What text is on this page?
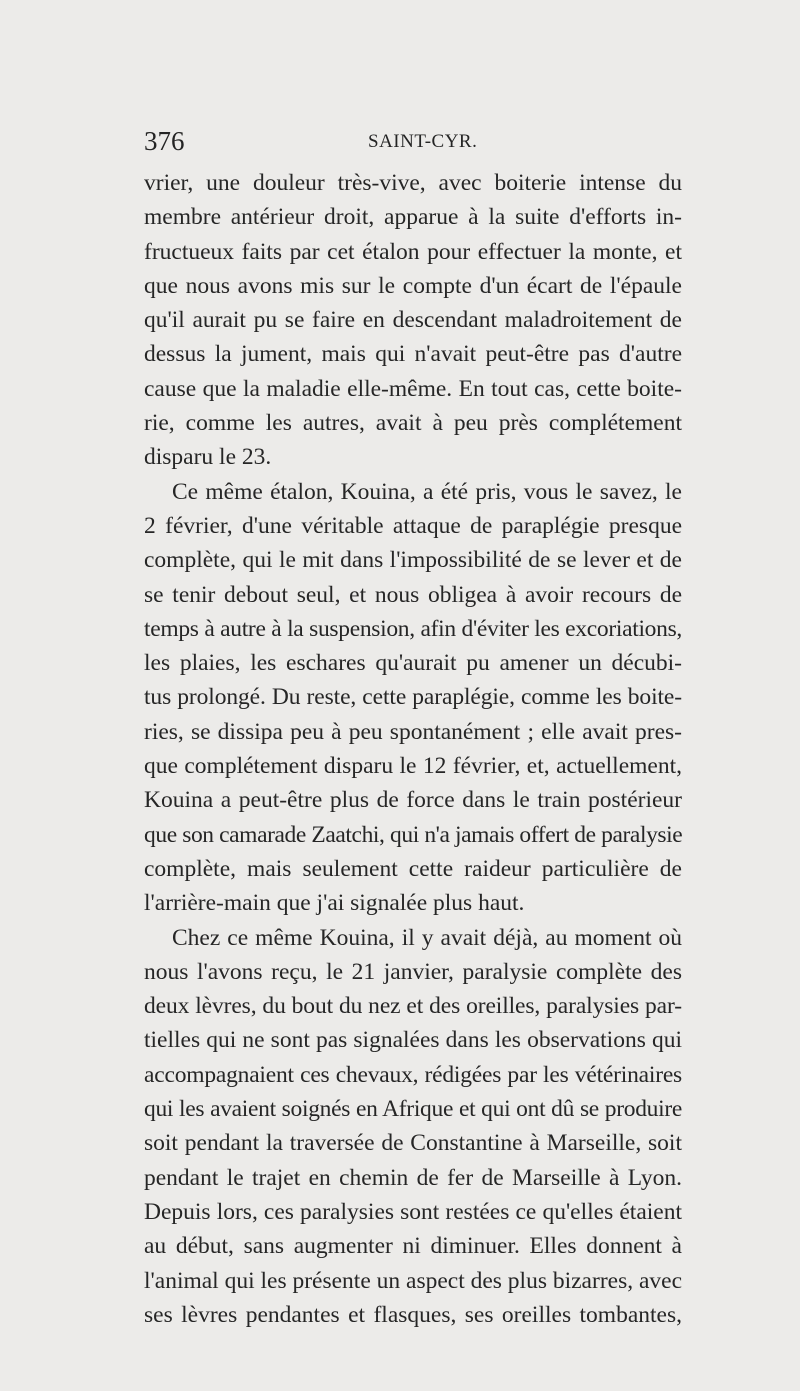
376	SAINT-CYR.
vrier, une douleur très-vive, avec boiterie intense du
membre antérieur droit, apparue à la suite d'efforts in-
fructueux faits par cet étalon pour effectuer la monte, et
que nous avons mis sur le compte d'un écart de l'épaule
qu'il aurait pu se faire en descendant maladroitement de
dessus la jument, mais qui n'avait peut-être pas d'autre
cause que la maladie elle-même. En tout cas, cette boite-
rie, comme les autres, avait à peu près complétement
disparu le 23.
Ce même étalon, Kouina, a été pris, vous le savez, le
2 février, d'une véritable attaque de paraplégie presque
complète, qui le mit dans l'impossibilité de se lever et de
se tenir debout seul, et nous obligea à avoir recours de
temps à autre à la suspension, afin d'éviter les excoriations,
les plaies, les eschares qu'aurait pu amener un décubi-
tus prolongé. Du reste, cette paraplégie, comme les boite-
ries, se dissipa peu à peu spontanément ; elle avait pres-
que complétement disparu le 12 février, et, actuellement,
Kouina a peut-être plus de force dans le train postérieur
que son camarade Zaatchi, qui n'a jamais offert de paralysie
complète, mais seulement cette raideur particulière de
l'arrière-main que j'ai signalée plus haut.
Chez ce même Kouina, il y avait déjà, au moment où
nous l'avons reçu, le 21 janvier, paralysie complète des
deux lèvres, du bout du nez et des oreilles, paralysies par-
tielles qui ne sont pas signalées dans les observations qui
accompagnaient ces chevaux, rédigées par les vétérinaires
qui les avaient soignés en Afrique et qui ont dû se produire
soit pendant la traversée de Constantine à Marseille, soit
pendant le trajet en chemin de fer de Marseille à Lyon.
Depuis lors, ces paralysies sont restées ce qu'elles étaient
au début, sans augmenter ni diminuer. Elles donnent à
l'animal qui les présente un aspect des plus bizarres, avec
ses lèvres pendantes et flasques, ses oreilles tombantes,
